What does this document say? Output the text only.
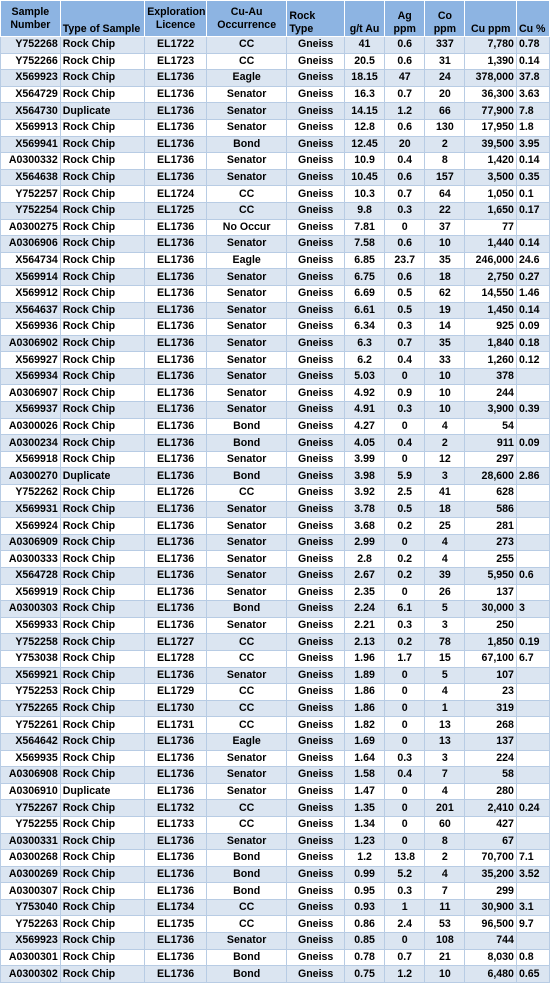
Sample
Number	Type of Sample	Exploration
Licence	Cu-Au
Occurrence	Rock Type	g/t Au	Ag ppm	Co ppm	Cu ppm	Cu %
Y752268	Rock Chip	EL1722	CC	Gneiss	41	0.6	337	7,780	0.78
Y752266	Rock Chip	EL1723	CC	Gneiss	20.5	0.6	31	1,390	0.14
X569923	Rock Chip	EL1736	Eagle	Gneiss	18.15	47	24	378,000	37.8
X564729	Rock Chip	EL1736	Senator	Gneiss	16.3	0.7	20	36,300	3.63
X564730	Duplicate	EL1736	Senator	Gneiss	14.15	1.2	66	77,900	7.8
X569913	Rock Chip	EL1736	Senator	Gneiss	12.8	0.6	130	17,950	1.8
X569941	Rock Chip	EL1736	Bond	Gneiss	12.45	20	2	39,500	3.95
A0300332	Rock Chip	EL1736	Senator	Gneiss	10.9	0.4	8	1,420	0.14
X564638	Rock Chip	EL1736	Senator	Gneiss	10.45	0.6	157	3,500	0.35
Y752257	Rock Chip	EL1724	CC	Gneiss	10.3	0.7	64	1,050	0.1
Y752254	Rock Chip	EL1725	CC	Gneiss	9.8	0.3	22	1,650	0.17
A0300275	Rock Chip	EL1736	No Occur	Gneiss	7.81	0	37	77	
A0306906	Rock Chip	EL1736	Senator	Gneiss	7.58	0.6	10	1,440	0.14
X564734	Rock Chip	EL1736	Eagle	Gneiss	6.85	23.7	35	246,000	24.6
X569914	Rock Chip	EL1736	Senator	Gneiss	6.75	0.6	18	2,750	0.27
X569912	Rock Chip	EL1736	Senator	Gneiss	6.69	0.5	62	14,550	1.46
X564637	Rock Chip	EL1736	Senator	Gneiss	6.61	0.5	19	1,450	0.14
X569936	Rock Chip	EL1736	Senator	Gneiss	6.34	0.3	14	925	0.09
A0306902	Rock Chip	EL1736	Senator	Gneiss	6.3	0.7	35	1,840	0.18
X569927	Rock Chip	EL1736	Senator	Gneiss	6.2	0.4	33	1,260	0.12
X569934	Rock Chip	EL1736	Senator	Gneiss	5.03	0	10	378	
A0306907	Rock Chip	EL1736	Senator	Gneiss	4.92	0.9	10	244	
X569937	Rock Chip	EL1736	Senator	Gneiss	4.91	0.3	10	3,900	0.39
A0300026	Rock Chip	EL1736	Bond	Gneiss	4.27	0	4	54	
A0300234	Rock Chip	EL1736	Bond	Gneiss	4.05	0.4	2	911	0.09
X569918	Rock Chip	EL1736	Senator	Gneiss	3.99	0	12	297	
A0300270	Duplicate	EL1736	Bond	Gneiss	3.98	5.9	3	28,600	2.86
Y752262	Rock Chip	EL1726	CC	Gneiss	3.92	2.5	41	628	
X569931	Rock Chip	EL1736	Senator	Gneiss	3.78	0.5	18	586	
X569924	Rock Chip	EL1736	Senator	Gneiss	3.68	0.2	25	281	
A0306909	Rock Chip	EL1736	Senator	Gneiss	2.99	0	4	273	
A0300333	Rock Chip	EL1736	Senator	Gneiss	2.8	0.2	4	255	
X564728	Rock Chip	EL1736	Senator	Gneiss	2.67	0.2	39	5,950	0.6
X569919	Rock Chip	EL1736	Senator	Gneiss	2.35	0	26	137	
A0300303	Rock Chip	EL1736	Bond	Gneiss	2.24	6.1	5	30,000	3
X569933	Rock Chip	EL1736	Senator	Gneiss	2.21	0.3	3	250	
Y752258	Rock Chip	EL1727	CC	Gneiss	2.13	0.2	78	1,850	0.19
Y753038	Rock Chip	EL1728	CC	Gneiss	1.96	1.7	15	67,100	6.7
X569921	Rock Chip	EL1736	Senator	Gneiss	1.89	0	5	107	
Y752253	Rock Chip	EL1729	CC	Gneiss	1.86	0	4	23	
Y752265	Rock Chip	EL1730	CC	Gneiss	1.86	0	1	319	
Y752261	Rock Chip	EL1731	CC	Gneiss	1.82	0	13	268	
X564642	Rock Chip	EL1736	Eagle	Gneiss	1.69	0	13	137	
X569935	Rock Chip	EL1736	Senator	Gneiss	1.64	0.3	3	224	
A0306908	Rock Chip	EL1736	Senator	Gneiss	1.58	0.4	7	58	
A0306910	Duplicate	EL1736	Senator	Gneiss	1.47	0	4	280	
Y752267	Rock Chip	EL1732	CC	Gneiss	1.35	0	201	2,410	0.24
Y752255	Rock Chip	EL1733	CC	Gneiss	1.34	0	60	427	
A0300331	Rock Chip	EL1736	Senator	Gneiss	1.23	0	8	67	
A0300268	Rock Chip	EL1736	Bond	Gneiss	1.2	13.8	2	70,700	7.1
A0300269	Rock Chip	EL1736	Bond	Gneiss	0.99	5.2	4	35,200	3.52
A0300307	Rock Chip	EL1736	Bond	Gneiss	0.95	0.3	7	299	
Y753040	Rock Chip	EL1734	CC	Gneiss	0.93	1	11	30,900	3.1
Y752263	Rock Chip	EL1735	CC	Gneiss	0.86	2.4	53	96,500	9.7
X569923	Rock Chip	EL1736	Senator	Gneiss	0.85	0	108	744	
A0300301	Rock Chip	EL1736	Bond	Gneiss	0.78	0.7	21	8,030	0.8
A0300302	Rock Chip	EL1736	Bond	Gneiss	0.75	1.2	10	6,480	0.65
